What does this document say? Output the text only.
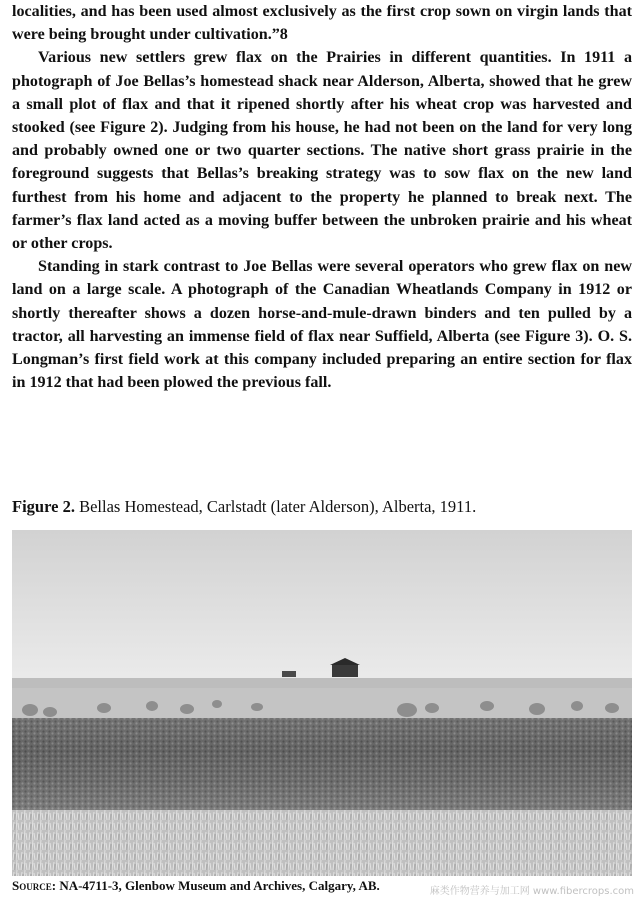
localities, and has been used almost exclusively as the first crop sown on virgin lands that were being brought under cultivation.”8

Various new settlers grew flax on the Prairies in different quantities. In 1911 a photograph of Joe Bellas’s homestead shack near Alderson, Alberta, showed that he grew a small plot of flax and that it ripened shortly after his wheat crop was harvested and stooked (see Figure 2). Judging from his house, he had not been on the land for very long and probably owned one or two quarter sections. The native short grass prairie in the foreground suggests that Bellas’s breaking strategy was to sow flax on the new land furthest from his home and adjacent to the property he planned to break next. The farmer’s flax land acted as a moving buffer between the unbroken prairie and his wheat or other crops.

Standing in stark contrast to Joe Bellas were several operators who grew flax on new land on a large scale. A photograph of the Canadian Wheatlands Company in 1912 or shortly thereafter shows a dozen horse-and-mule-drawn binders and ten pulled by a tractor, all harvesting an immense field of flax near Suffield, Alberta (see Figure 3). O. S. Longman’s first field work at this company included preparing an entire section for flax in 1912 that had been plowed the previous fall.

Figure 2. Bellas Homestead, Carlstadt (later Alderson), Alberta, 1911.
Source: NA-4711-3, Glenbow Museum and Archives, Calgary, AB.	麻类作物营养与加工网 www.fibercrops.com
